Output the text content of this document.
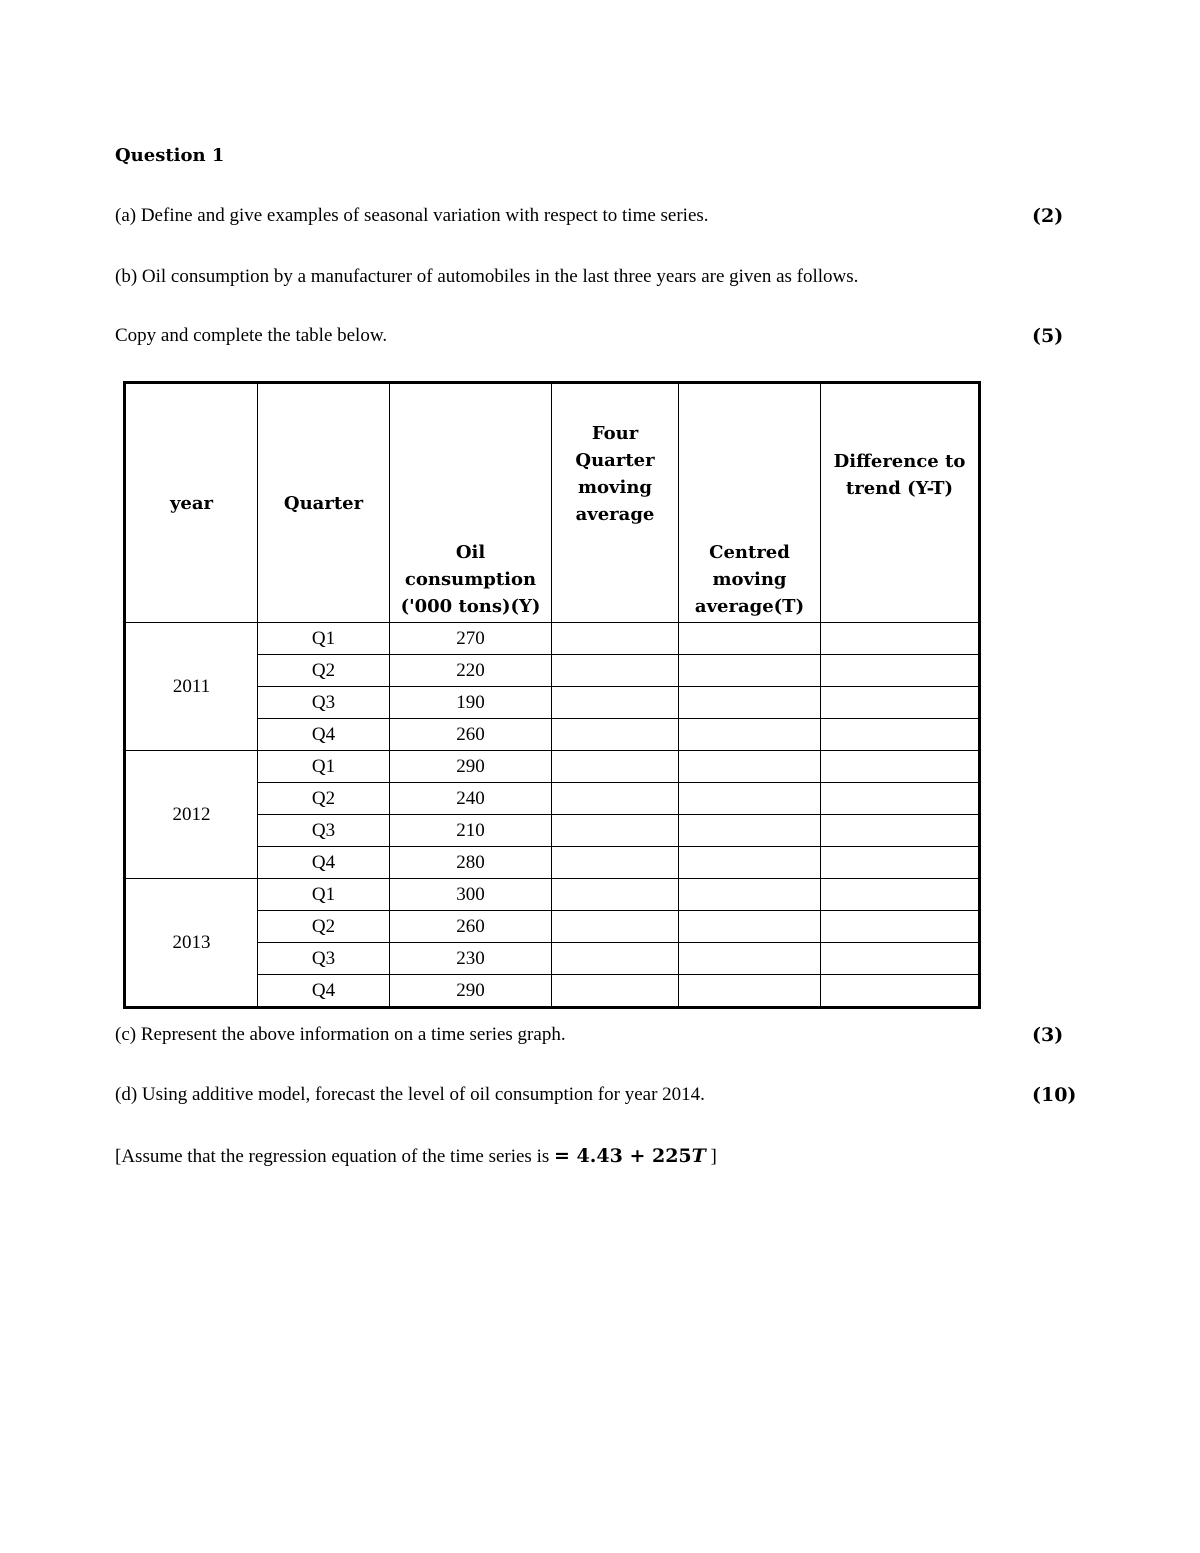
Question 1
(a) Define and give examples of seasonal variation with respect to time series.	(2)
(b) Oil consumption by a manufacturer of automobiles in the last three years are given as follows.
Copy and complete the table below.	(5)
year	Quarter	Oil consumption ('000 tons)(Y)	Four Quarter moving average	Centred moving average(T)	Difference to trend (Y-T)
2011	Q1	270			
	Q2	220			
	Q3	190			
	Q4	260			
2012	Q1	290			
	Q2	240			
	Q3	210			
	Q4	280			
2013	Q1	300			
	Q2	260			
	Q3	230			
	Q4	290			
(c) Represent the above information on a time series graph.	(3)
(d) Using additive model, forecast the level of oil consumption for year 2014.	(10)
[Assume that the regression equation of the time series is = 4.43 + 225T ]
